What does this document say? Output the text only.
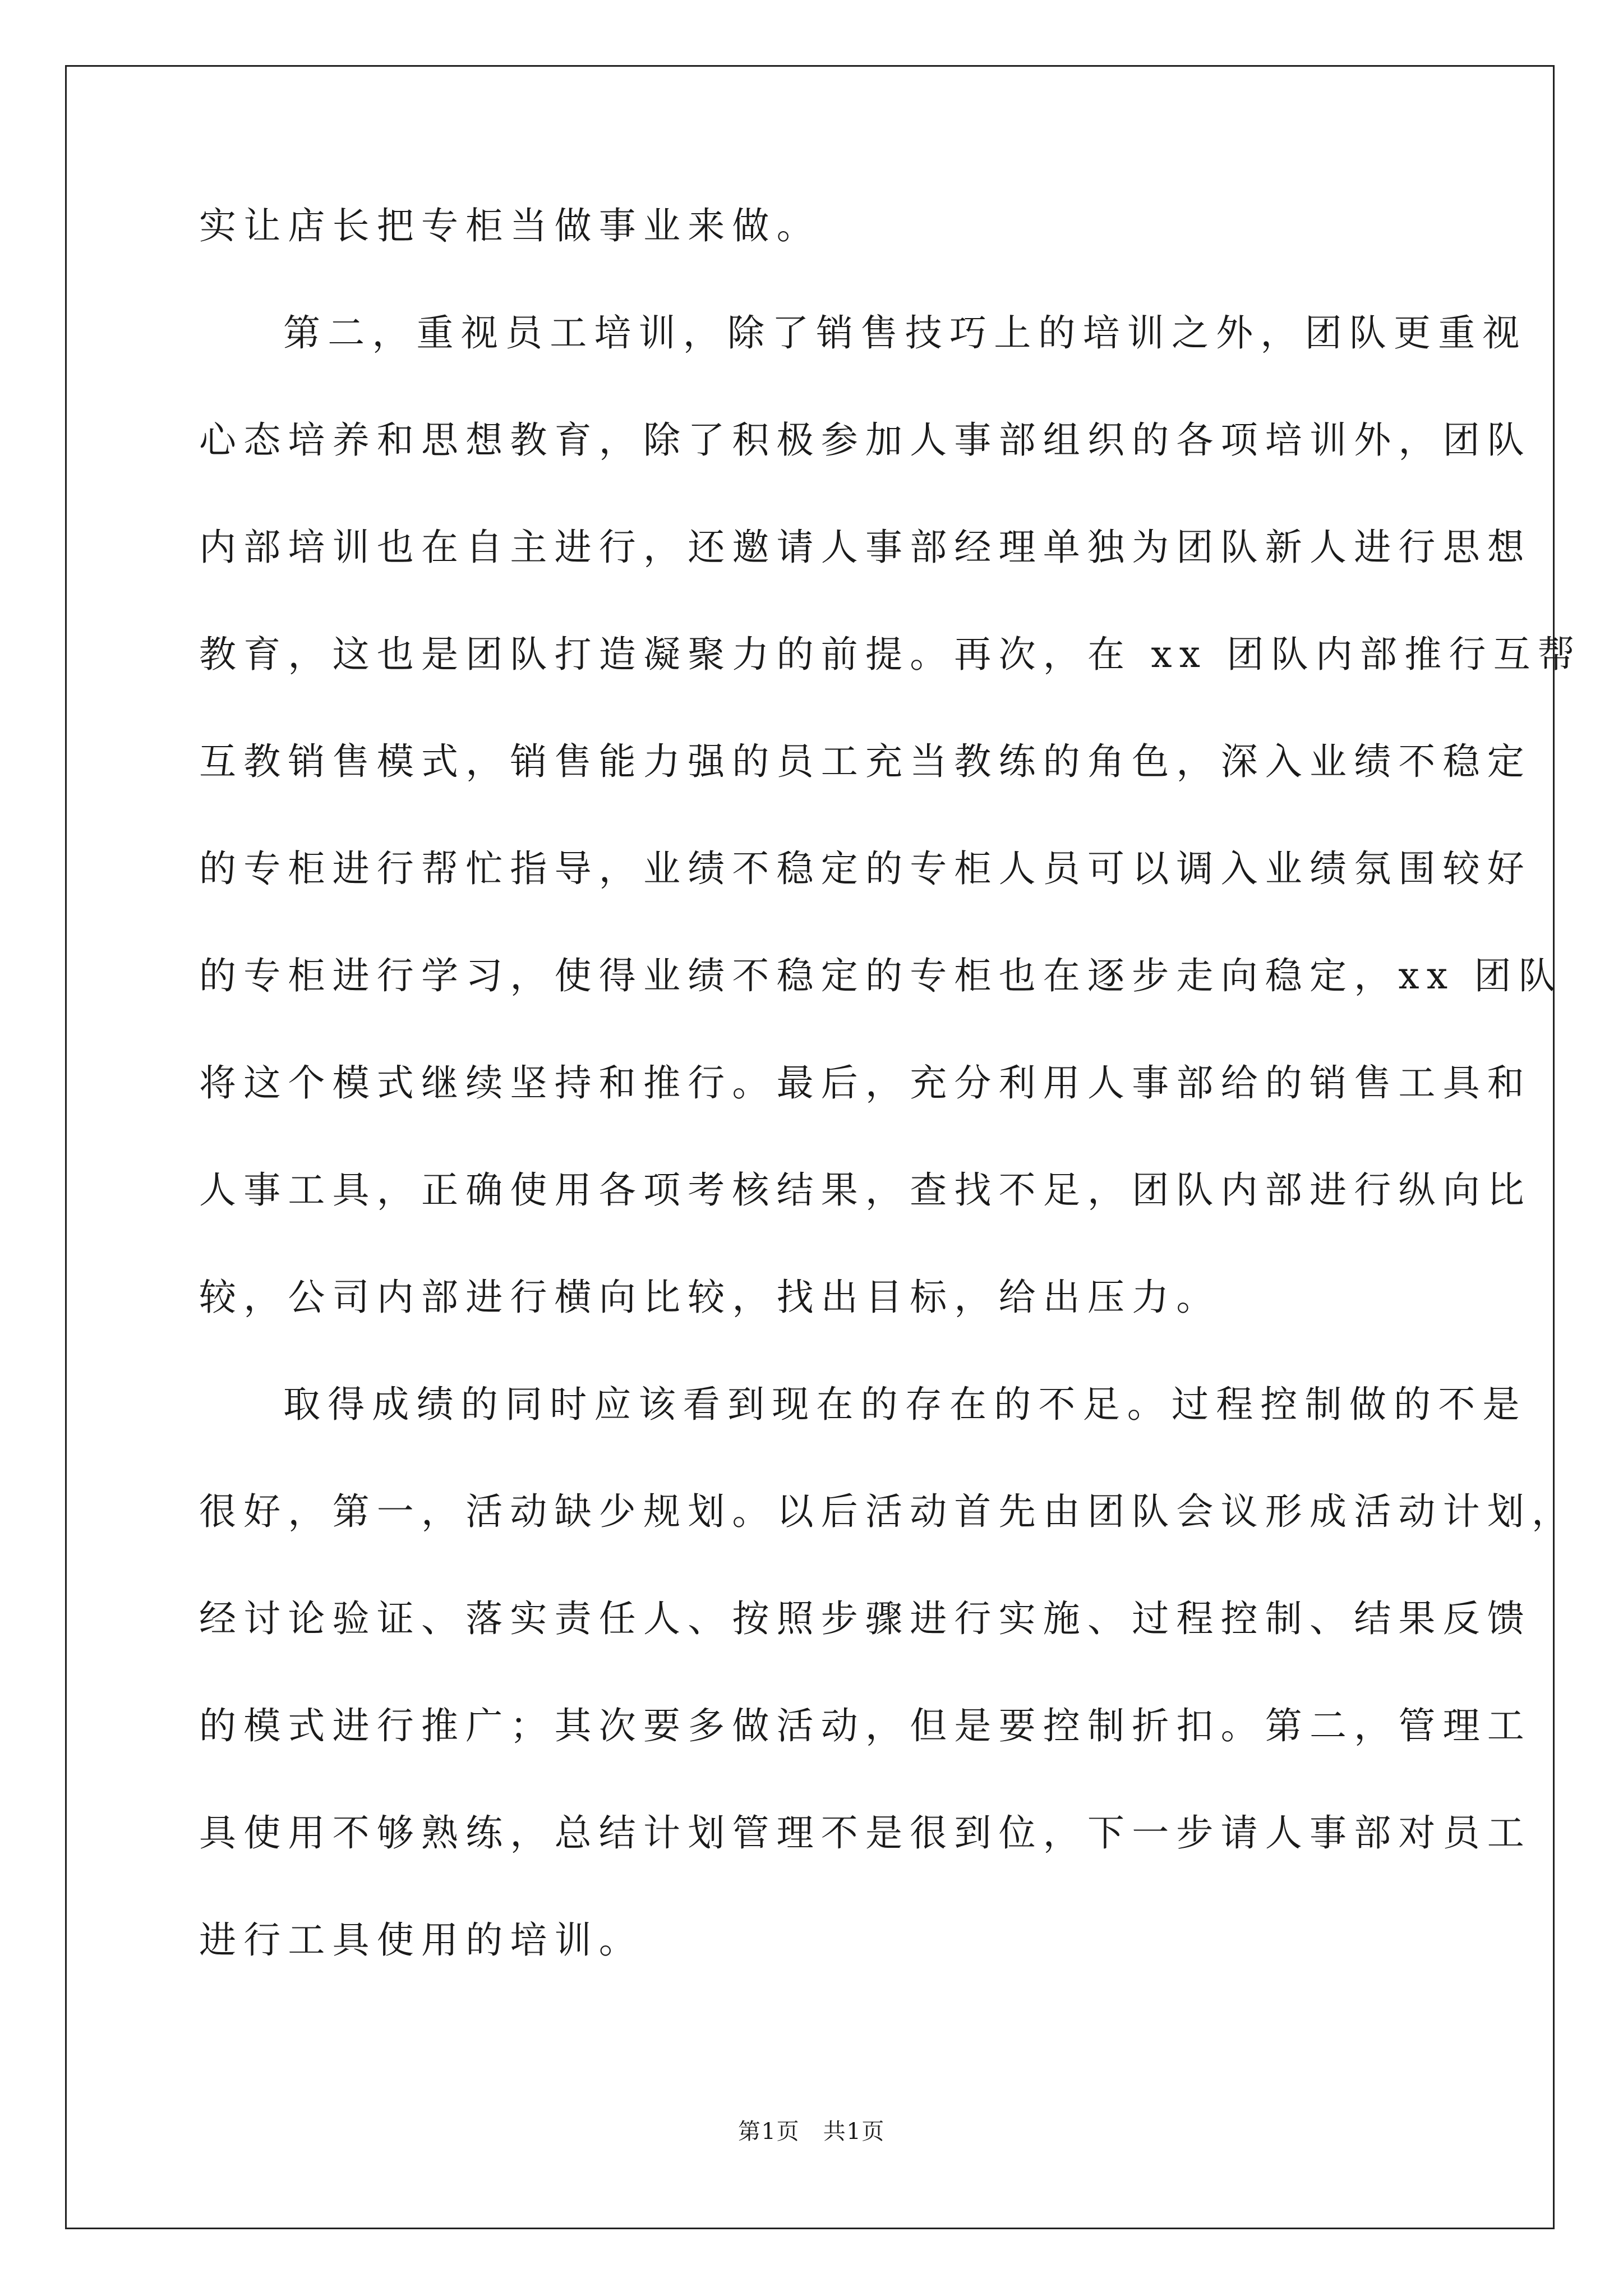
实让店长把专柜当做事业来做。
第二，重视员工培训，除了销售技巧上的培训之外，团队更重视
心态培养和思想教育，除了积极参加人事部组织的各项培训外，团队
内部培训也在自主进行，还邀请人事部经理单独为团队新人进行思想
教育，这也是团队打造凝聚力的前提。再次，在 xx 团队内部推行互帮
互教销售模式，销售能力强的员工充当教练的角色，深入业绩不稳定
的专柜进行帮忙指导，业绩不稳定的专柜人员可以调入业绩氛围较好
的专柜进行学习，使得业绩不稳定的专柜也在逐步走向稳定，xx 团队
将这个模式继续坚持和推行。最后，充分利用人事部给的销售工具和
人事工具，正确使用各项考核结果，查找不足，团队内部进行纵向比
较，公司内部进行横向比较，找出目标，给出压力。
取得成绩的同时应该看到现在的存在的不足。过程控制做的不是
很好，第一，活动缺少规划。以后活动首先由团队会议形成活动计划，
经讨论验证、落实责任人、按照步骤进行实施、过程控制、结果反馈
的模式进行推广；其次要多做活动，但是要控制折扣。第二，管理工
具使用不够熟练，总结计划管理不是很到位，下一步请人事部对员工
进行工具使用的培训。
第1页　共1页
